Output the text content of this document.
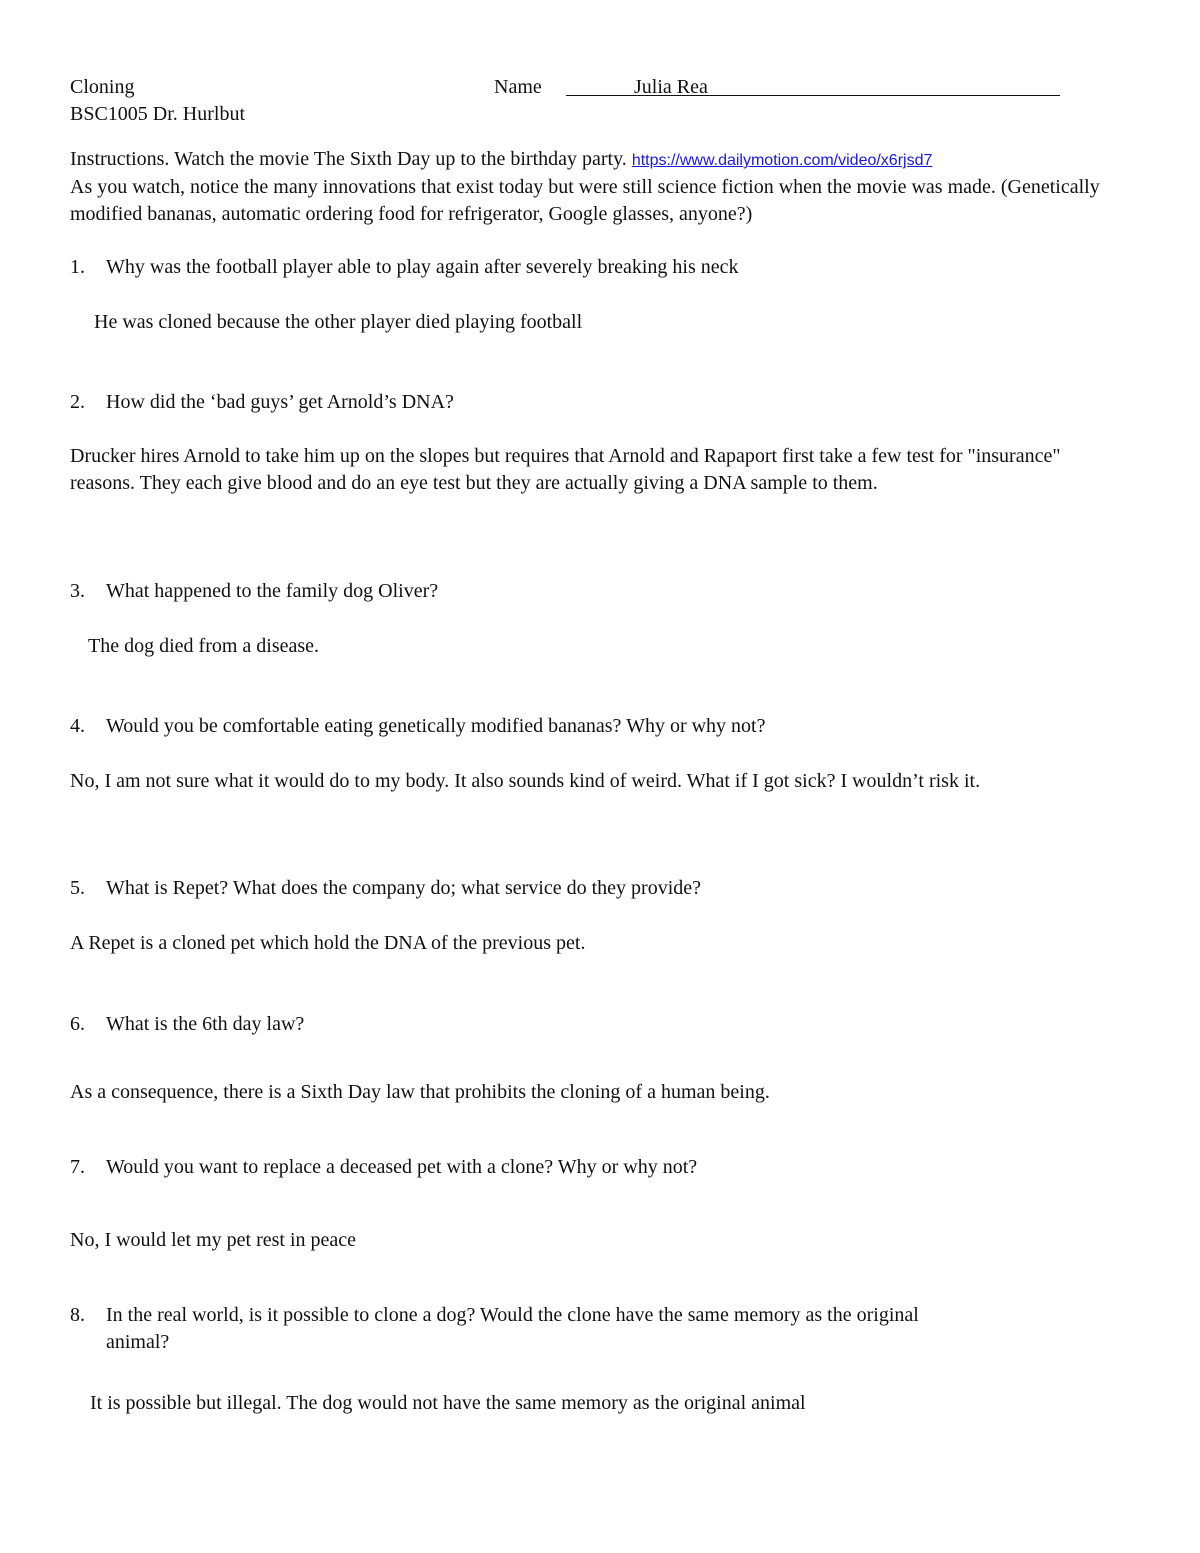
Cloning
BSC1005 Dr. Hurlbut
Name	Julia Rea
Instructions. Watch the movie The Sixth Day up to the birthday party. https://www.dailymotion.com/video/x6rjsd7
As you watch, notice the many innovations that exist today but were still science fiction when the movie was made. (Genetically modified bananas, automatic ordering food for refrigerator, Google glasses, anyone?)
1. Why was the football player able to play again after severely breaking his neck
He was cloned because the other player died playing football
2. How did the ‘bad guys’ get Arnold’s DNA?
Drucker hires Arnold to take him up on the slopes but requires that Arnold and Rapaport first take a few test for "insurance" reasons. They each give blood and do an eye test but they are actually giving a DNA sample to them.
3. What happened to the family dog Oliver?
The dog died from a disease.
4. Would you be comfortable eating genetically modified bananas? Why or why not?
No, I am not sure what it would do to my body. It also sounds kind of weird. What if I got sick? I wouldn’t risk it.
5. What is Repet? What does the company do; what service do they provide?
A Repet is a cloned pet which hold the DNA of the previous pet.
6. What is the 6th day law?
As a consequence, there is a Sixth Day law that prohibits the cloning of a human being.
7. Would you want to replace a deceased pet with a clone? Why or why not?
No, I would let my pet rest in peace
8. In the real world, is it possible to clone a dog? Would the clone have the same memory as the original
animal?
It is possible but illegal. The dog would not have the same memory as the original animal
